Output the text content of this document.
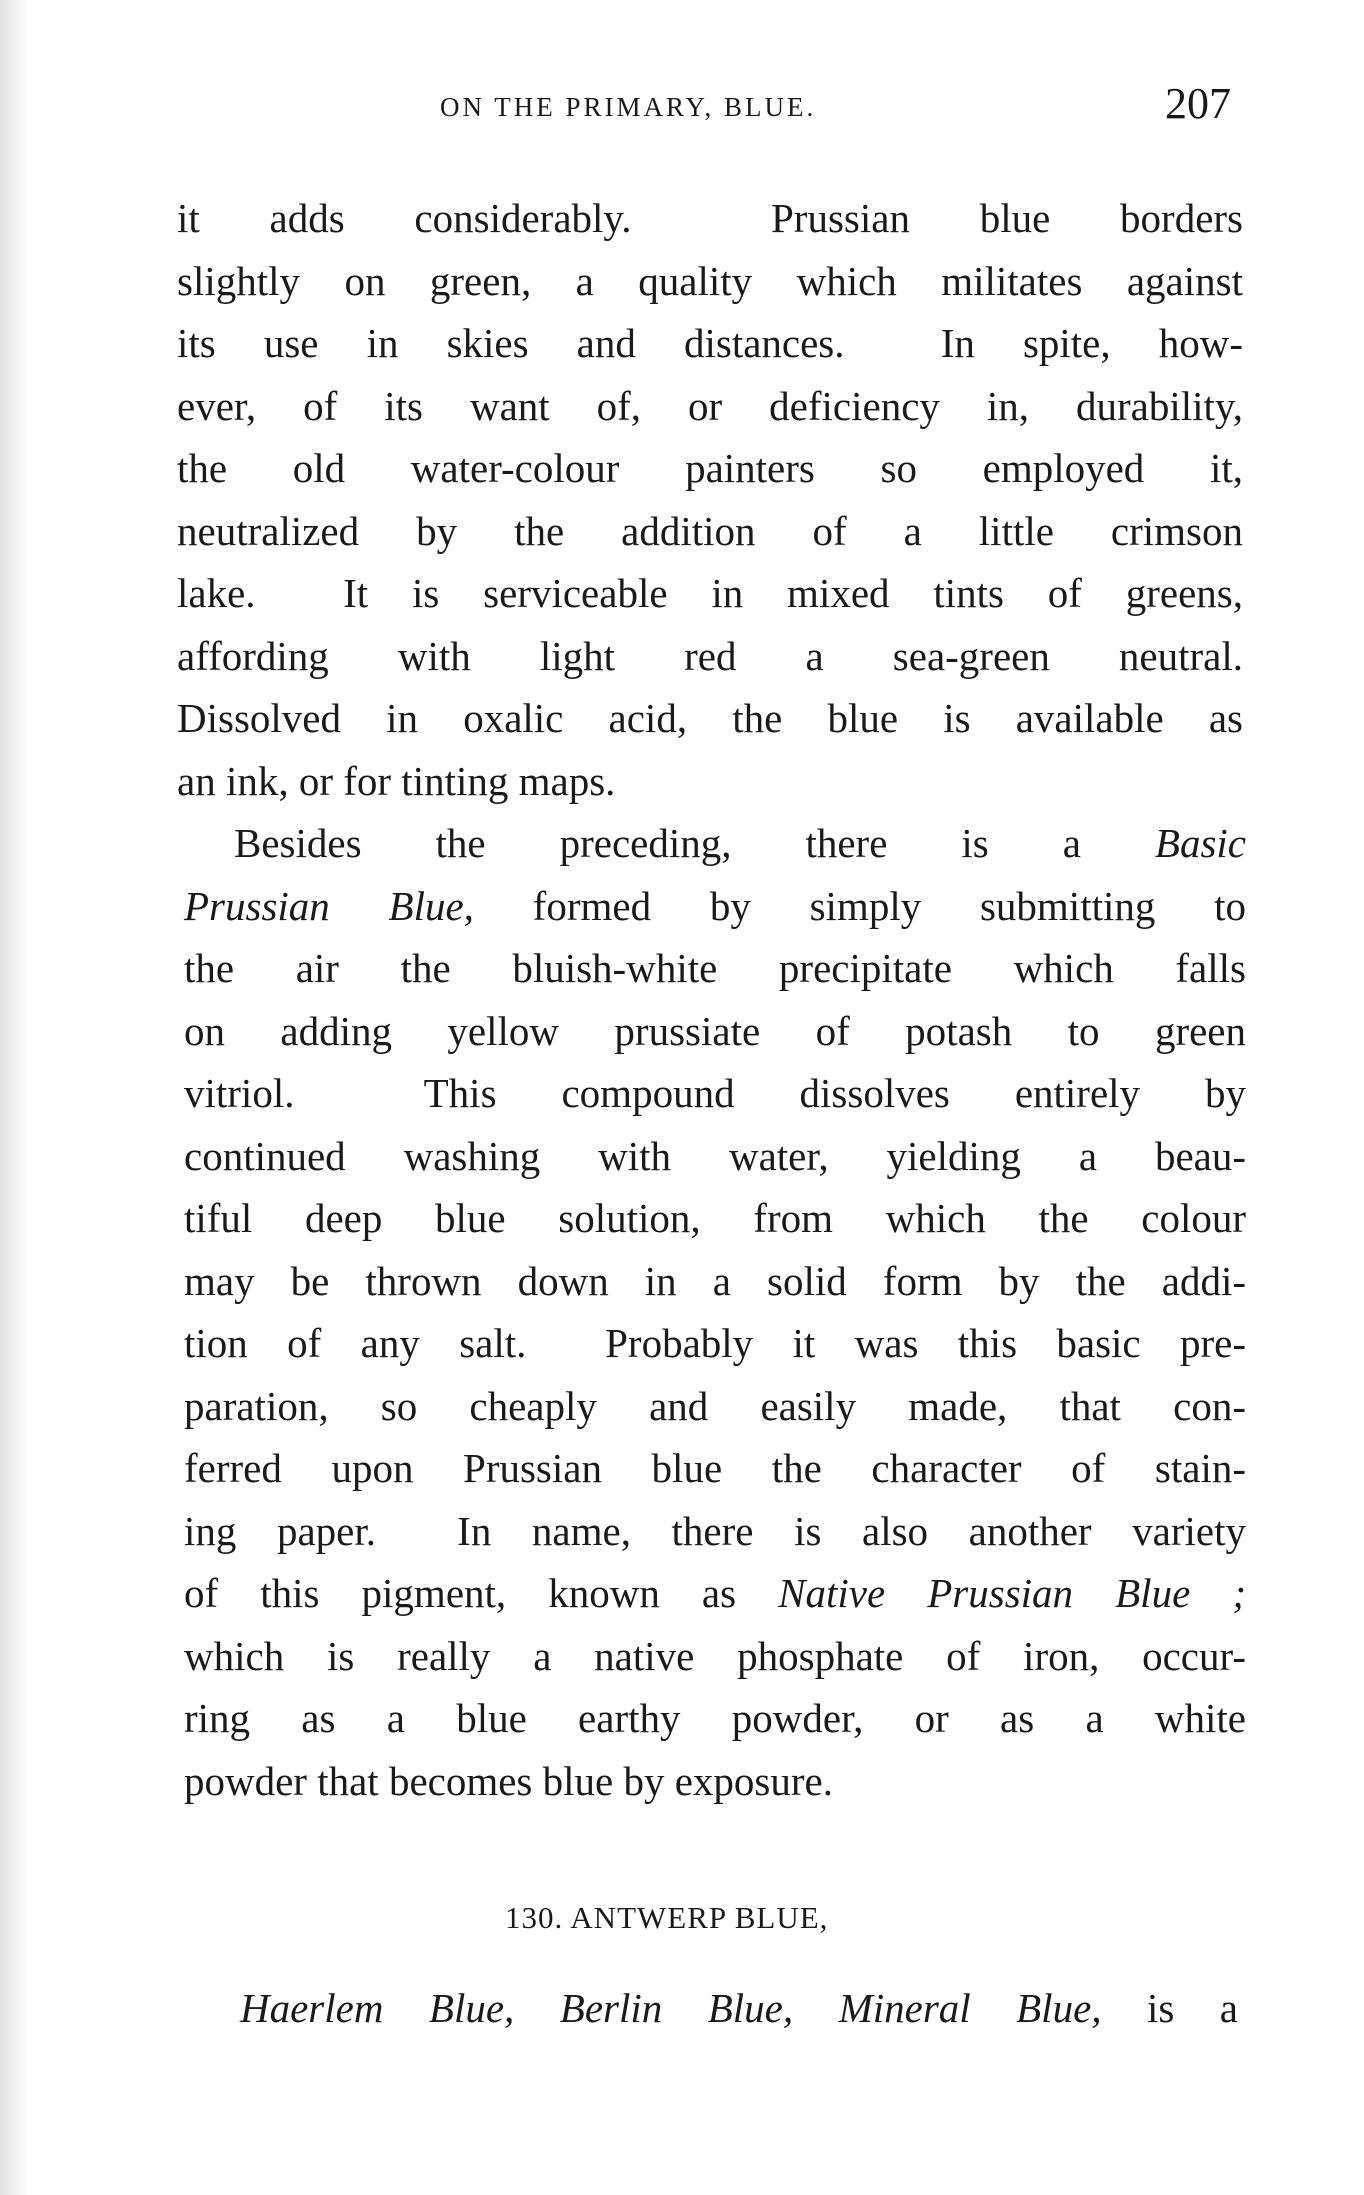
ON THE PRIMARY, BLUE.	207
it adds considerably.  Prussian blue borders
slightly on green, a quality which militates against
its use in skies and distances.  In spite, how-
ever, of its want of, or deficiency in, durability,
the old water-colour painters so employed it,
neutralized by the addition of a little crimson
lake.  It is serviceable in mixed tints of greens,
affording with light red a sea-green neutral.
Dissolved in oxalic acid, the blue is available as
an ink, or for tinting maps.
Besides the preceding, there is a Basic
Prussian Blue, formed by simply submitting to
the air the bluish-white precipitate which falls
on adding yellow prussiate of potash to green
vitriol.  This compound dissolves entirely by
continued washing with water, yielding a beau-
tiful deep blue solution, from which the colour
may be thrown down in a solid form by the addi-
tion of any salt.  Probably it was this basic pre-
paration, so cheaply and easily made, that con-
ferred upon Prussian blue the character of stain-
ing paper.  In name, there is also another variety
of this pigment, known as Native Prussian Blue ;
which is really a native phosphate of iron, occur-
ring as a blue earthy powder, or as a white
powder that becomes blue by exposure.
Haerlem Blue, Berlin Blue, Mineral Blue, is a
130. ANTWERP BLUE,
